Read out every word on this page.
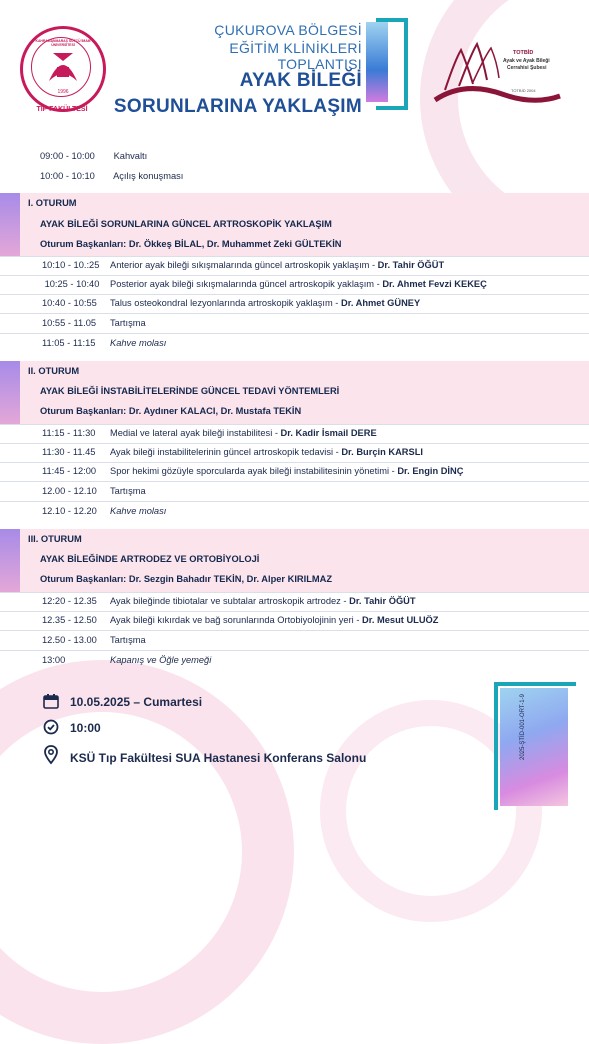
1996
KAHRAMANMARAŞ SÜTÇÜ İMAM ÜNİVERSİTESİ
TIP FAKÜLTESİ
ÇUKUROVA BÖLGESİ
EĞİTİM KLİNİKLERİ TOPLANTISI
AYAK BİLEĞİ
SORUNLARINA YAKLAŞIM
TOTBİD
Ayak ve Ayak Bileği
Cerrahisi Şubesi
TOTBİD 2004
09:00 - 10:00 Kahvaltı
10:00 - 10:10 Açılış konuşması
I. OTURUM
AYAK BİLEĞİ SORUNLARINA GÜNCEL ARTROSKOPİK YAKLAŞIM
Oturum Başkanları: Dr. Ökkeş BİLAL, Dr. Muhammet Zeki GÜLTEKİN
10:10 - 10.:25 Anterior ayak bileği sıkışmalarında güncel artroskopik yaklaşım - Dr. Tahir ÖĞÜT
10:25 - 10:40 Posterior ayak bileği sıkışmalarında güncel artroskopik yaklaşım - Dr. Ahmet Fevzi KEKEÇ
10:40 - 10:55 Talus osteokondral lezyonlarında artroskopik yaklaşım - Dr. Ahmet GÜNEY
10:55 - 11.05 Tartışma
11:05 - 11:15 Kahve molası
II. OTURUM
AYAK BİLEĞİ İNSTABİLİTELERİNDE GÜNCEL TEDAVİ YÖNTEMLERİ
Oturum Başkanları: Dr. Aydıner KALACI, Dr. Mustafa TEKİN
11:15 - 11:30 Medial ve lateral ayak bileği instabilitesi - Dr. Kadir İsmail DERE
11:30 - 11.45 Ayak bileği instabilitelerinin güncel artroskopik tedavisi - Dr. Burçin KARSLI
11:45 - 12:00 Spor hekimi gözüyle sporcularda ayak bileği instabilitesinin yönetimi - Dr. Engin DİNÇ
12.00 - 12.10 Tartışma
12.10 - 12.20 Kahve molası
III. OTURUM
AYAK BİLEĞİNDE ARTRODEZ VE ORTOBİYOLOJİ
Oturum Başkanları: Dr. Sezgin Bahadır TEKİN, Dr. Alper KIRILMAZ
12:20 - 12.35 Ayak bileğinde tibiotalar ve subtalar artroskopik artrodez - Dr. Tahir ÖĞÜT
12.35 - 12.50 Ayak bileği kıkırdak ve bağ sorunlarında Ortobiyolojinin yeri - Dr. Mesut ULUÖZ
12.50 - 13.00 Tartışma
13:00	Kapanış ve Öğle yemeği
10.05.2025 – Cumartesi
10:00
KSÜ Tıp Fakültesi SUA Hastanesi Konferans Salonu	2025-ŞTİD-001-ORT-1-9
